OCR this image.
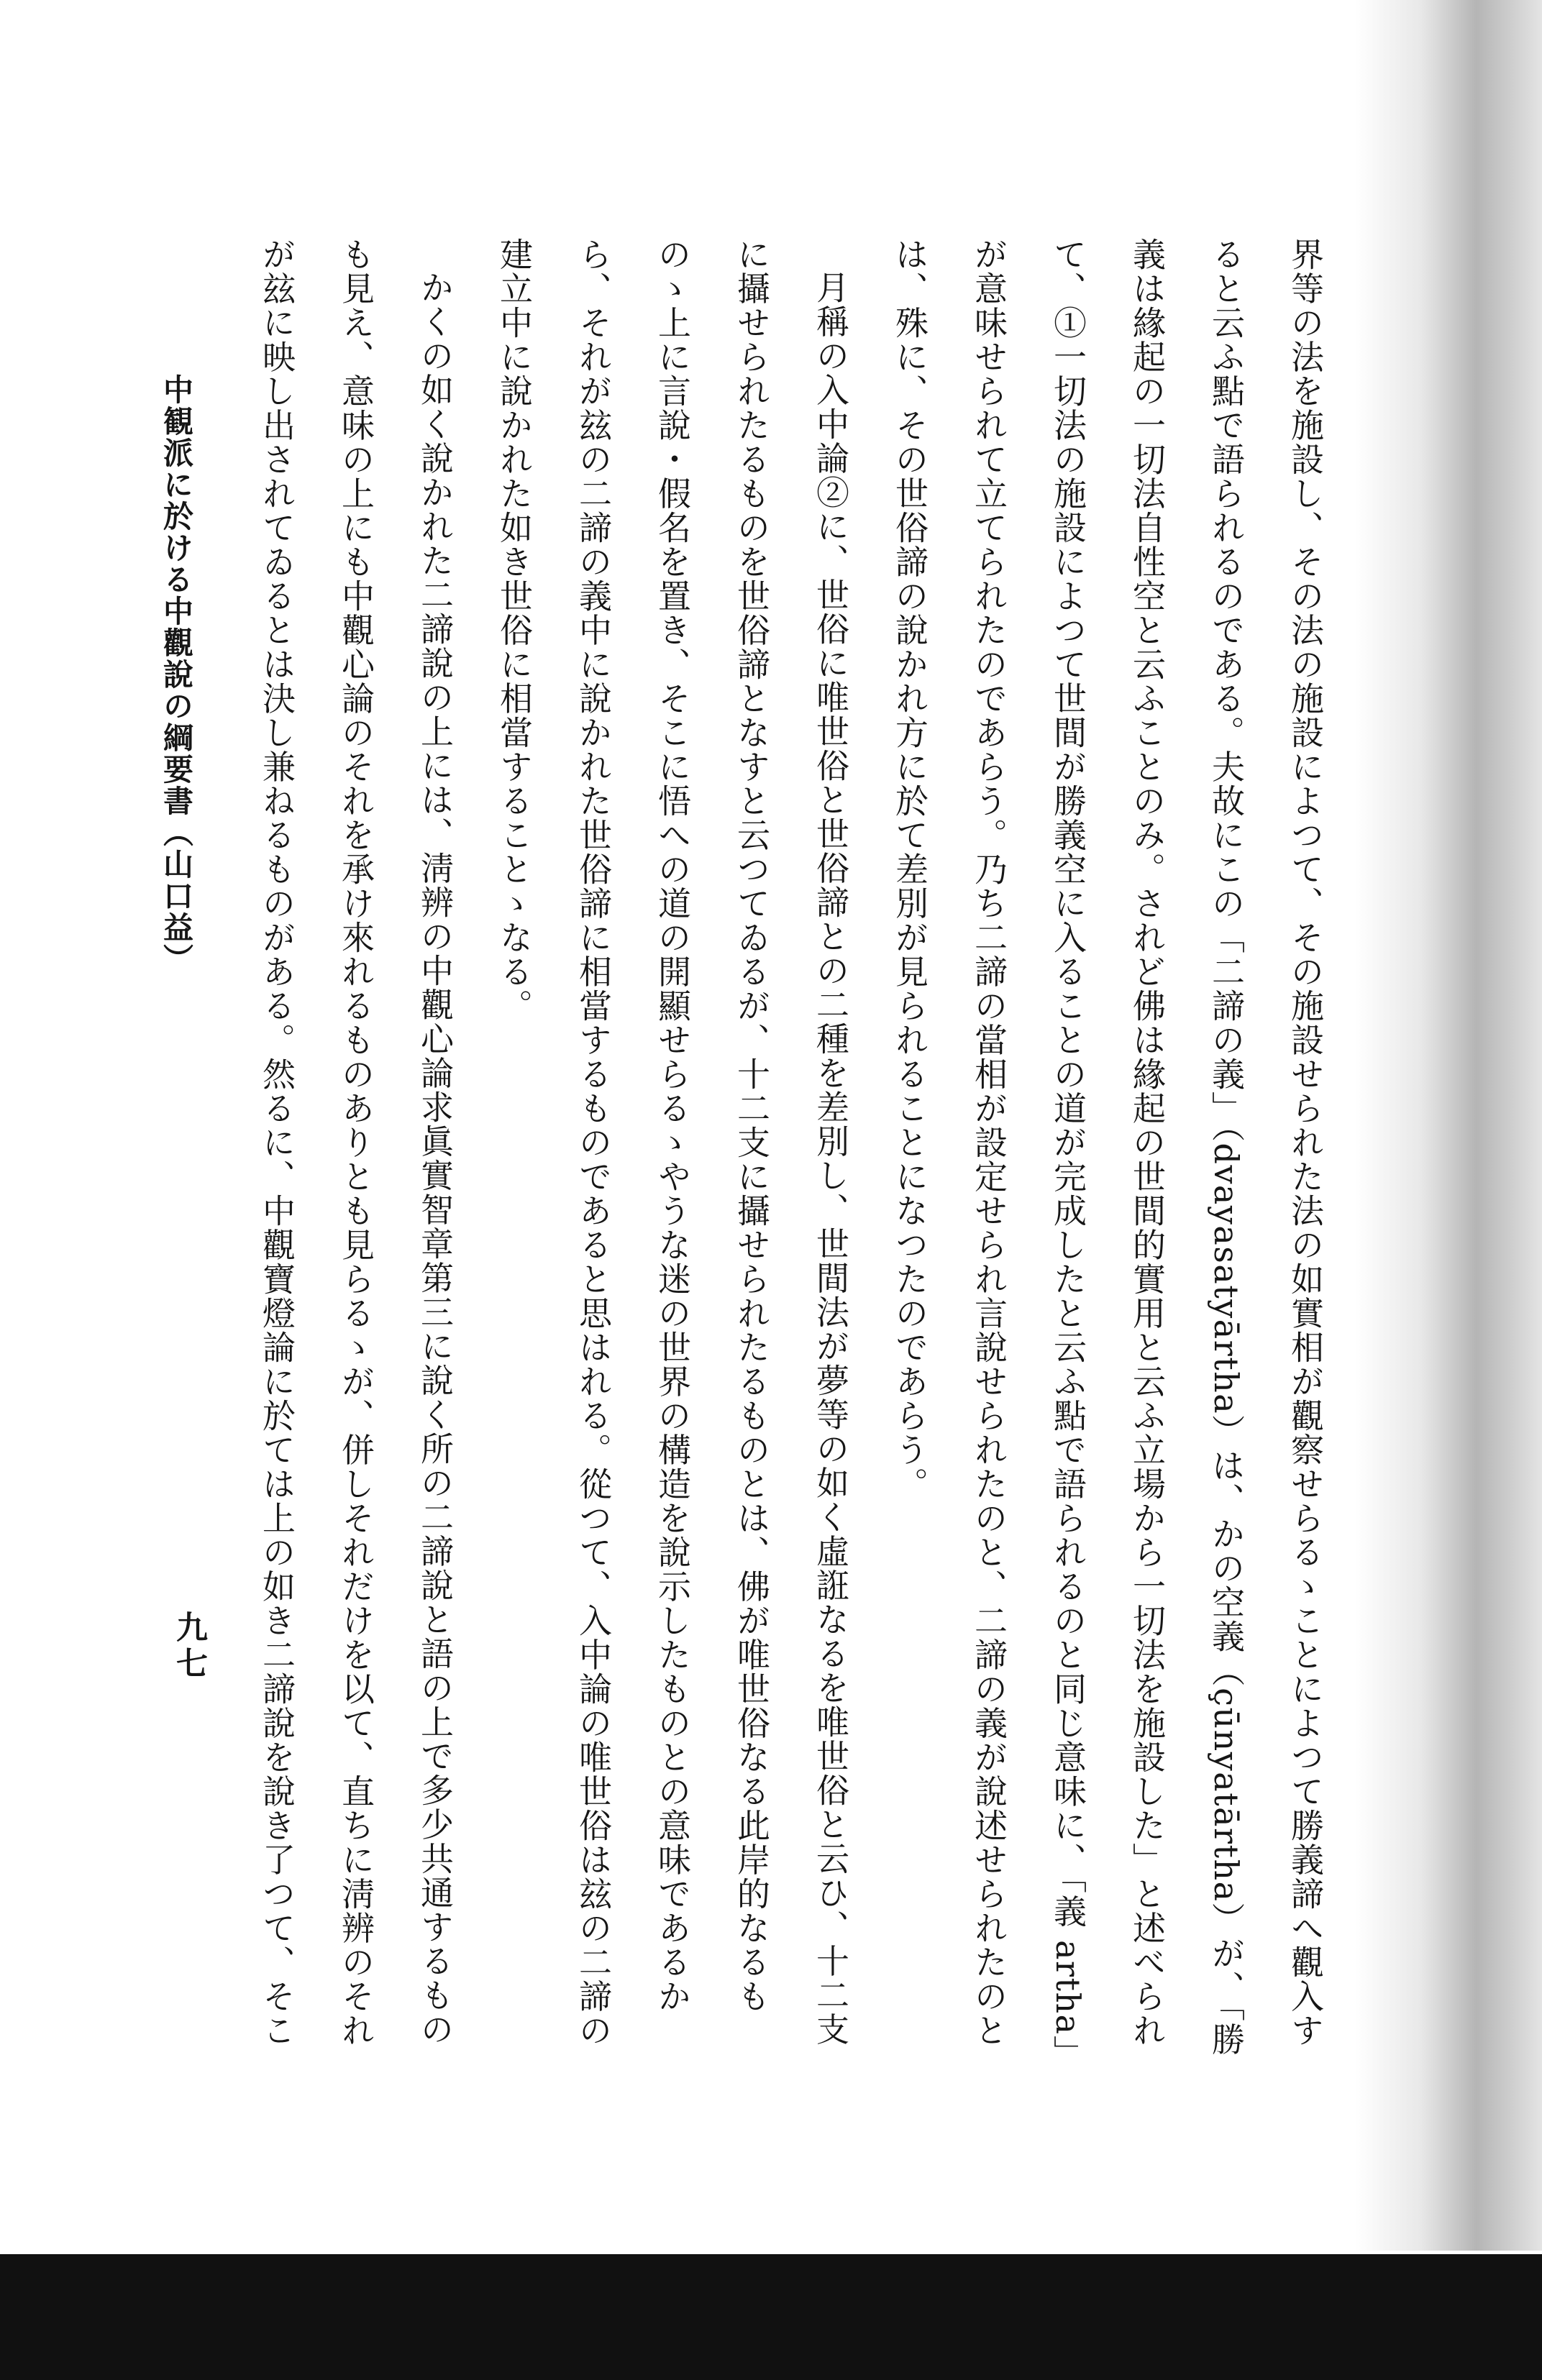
界等の法を施設し、その法の施設によつて、その施設せられた法の如實相が觀察せらるゝことによつて勝義諦へ觀入すると云ふ點で語られるのである。夫故にこの「二諦の義」（dvayasatyārtha）は、かの空義（çūnyatārtha）が、「勝義は緣起の一切法自性空と云ふことのみ。されど佛は緣起の世間的實用と云ふ立場から一切法を施設した」と述べられて、①一切法の施設によつて世間が勝義空に入ることの道が完成したと云ふ點で語られるのと同じ意味に、「義 artha」が意味せられて立てられたのであらう。乃ち二諦の當相が設定せられ言說せられたのと、二諦の義が說述せられたのとは、殊に、その世俗諦の說かれ方に於て差別が見られることになつたのであらう。

月稱の入中論②に、世俗に唯世俗と世俗諦との二種を差別し、世間法が夢等の如く虛誑なるを唯世俗と云ひ、十二支に攝せられたるものを世俗諦となすと云つてゐるが、十二支に攝せられたるものとは、佛が唯世俗なる此岸的なるものゝ上に言說・假名を置き、そこに悟への道の開顯せらるゝやうな迷の世界の構造を說示したものとの意味であるから、それが玆の二諦の義中に說かれた世俗諦に相當するものであると思はれる。從つて、入中論の唯世俗は玆の二諦の建立中に說かれた如き世俗に相當することゝなる。

かくの如く說かれた二諦說の上には、淸辨の中觀心論求眞實智章第三に說く所の二諦說と語の上で多少共通するものも見え、意味の上にも中觀心論のそれを承け來れるものありとも見らるゝが、併しそれだけを以て、直ちに淸辨のそれが玆に映し出されてゐるとは決し兼ねるものがある。然るに、中觀寶燈論に於ては上の如き二諦說を說き了つて、そこ

中観派に於ける中觀說の綱要書（山口益）
九七
